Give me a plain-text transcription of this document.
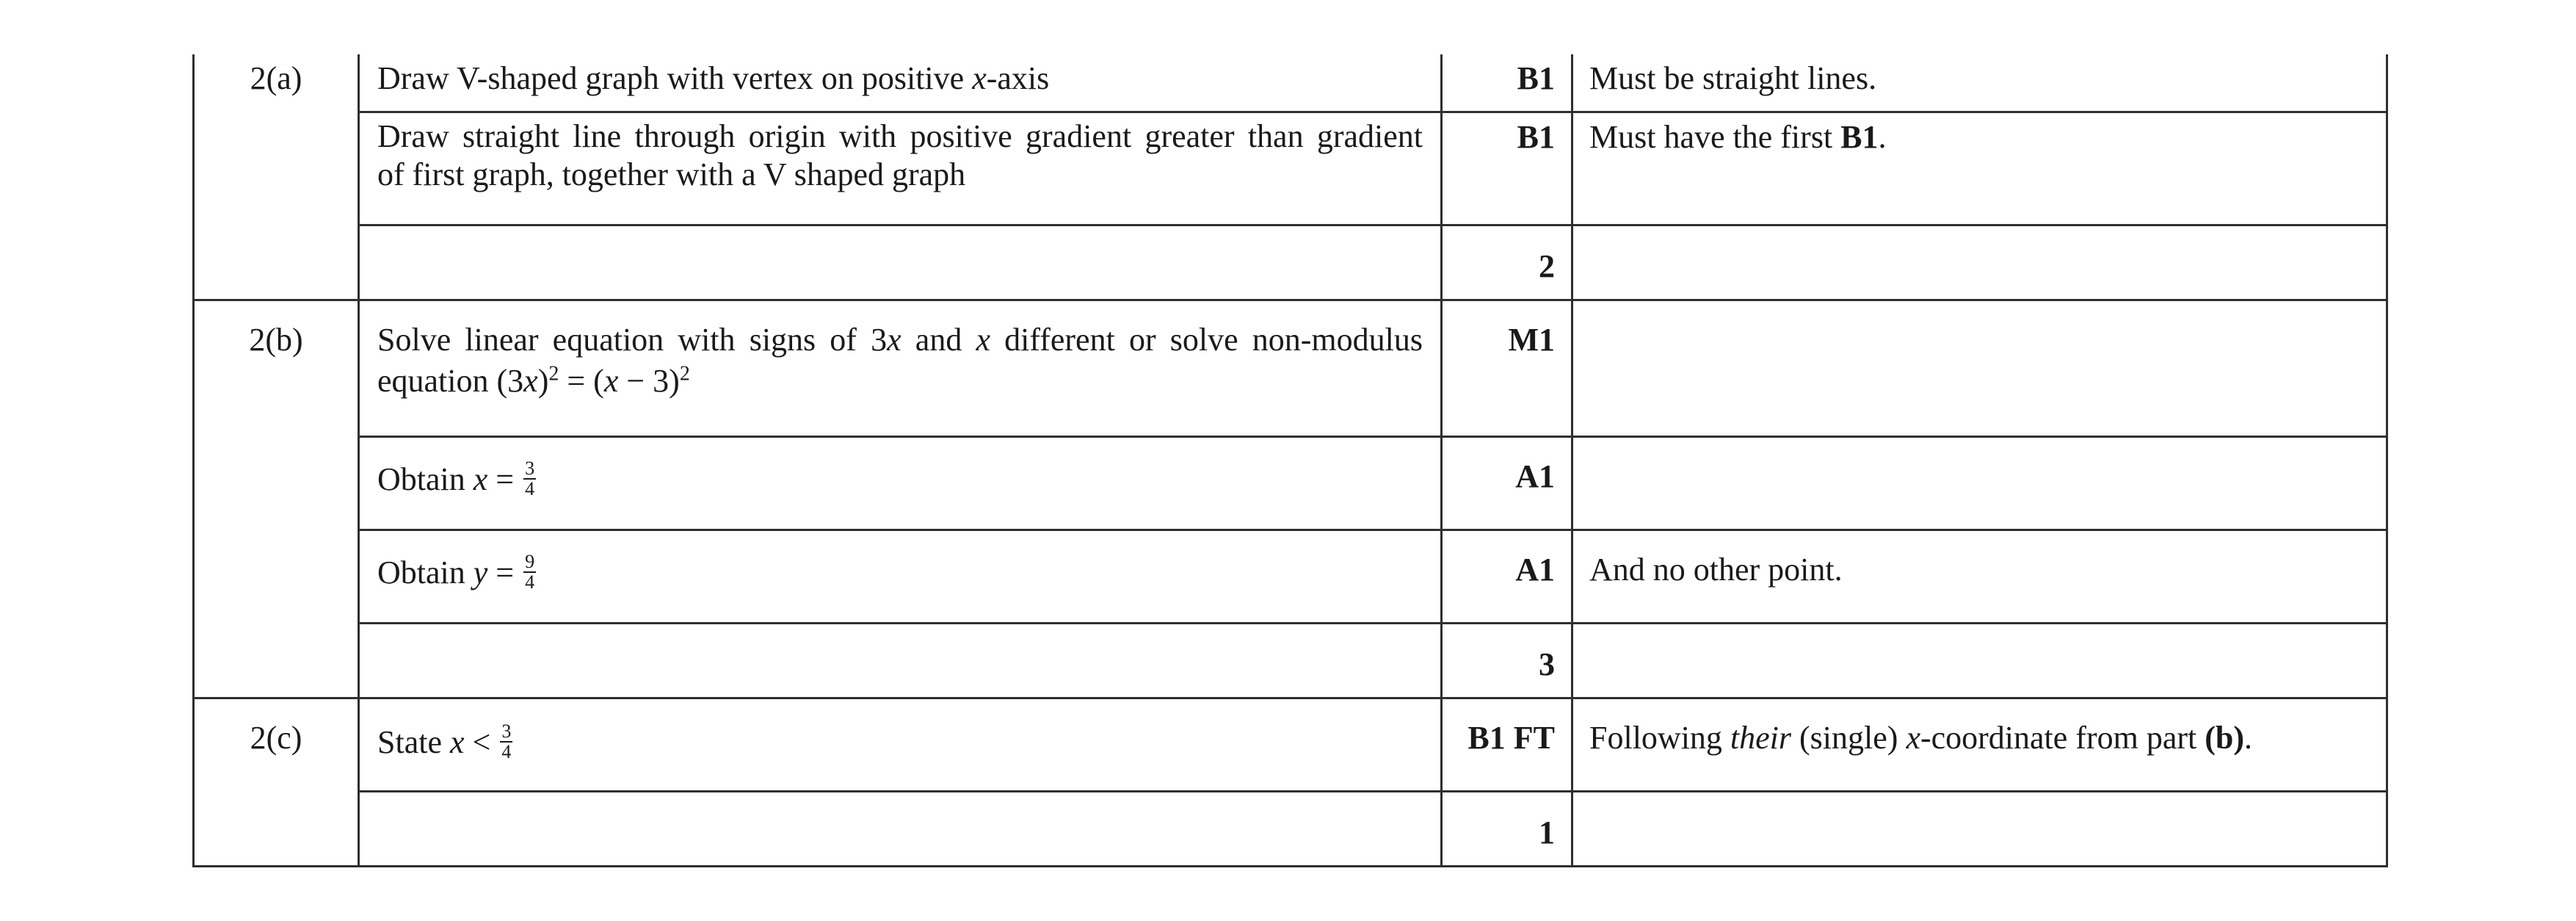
2(a)	Draw V-shaped graph with vertex on positive x-axis	B1	Must be straight lines.

	Draw straight line through origin with positive gradient greater than gradient
of first graph, together with a V shaped graph	B1	Must have the first B1.
		2	
2(b)	Solve linear equation with signs of 3x and x different or solve non-modulus
equation $(3x)^2 = (x - 3)^2$	M1	
	Obtain $x = \frac{3}{4}$	A1	
	Obtain $y = \frac{9}{4}$	A1	And no other point.
		3	
2(c)	State $x < \frac{3}{4}$	B1 FT	Following their (single) x-coordinate from part (b).
		1	
